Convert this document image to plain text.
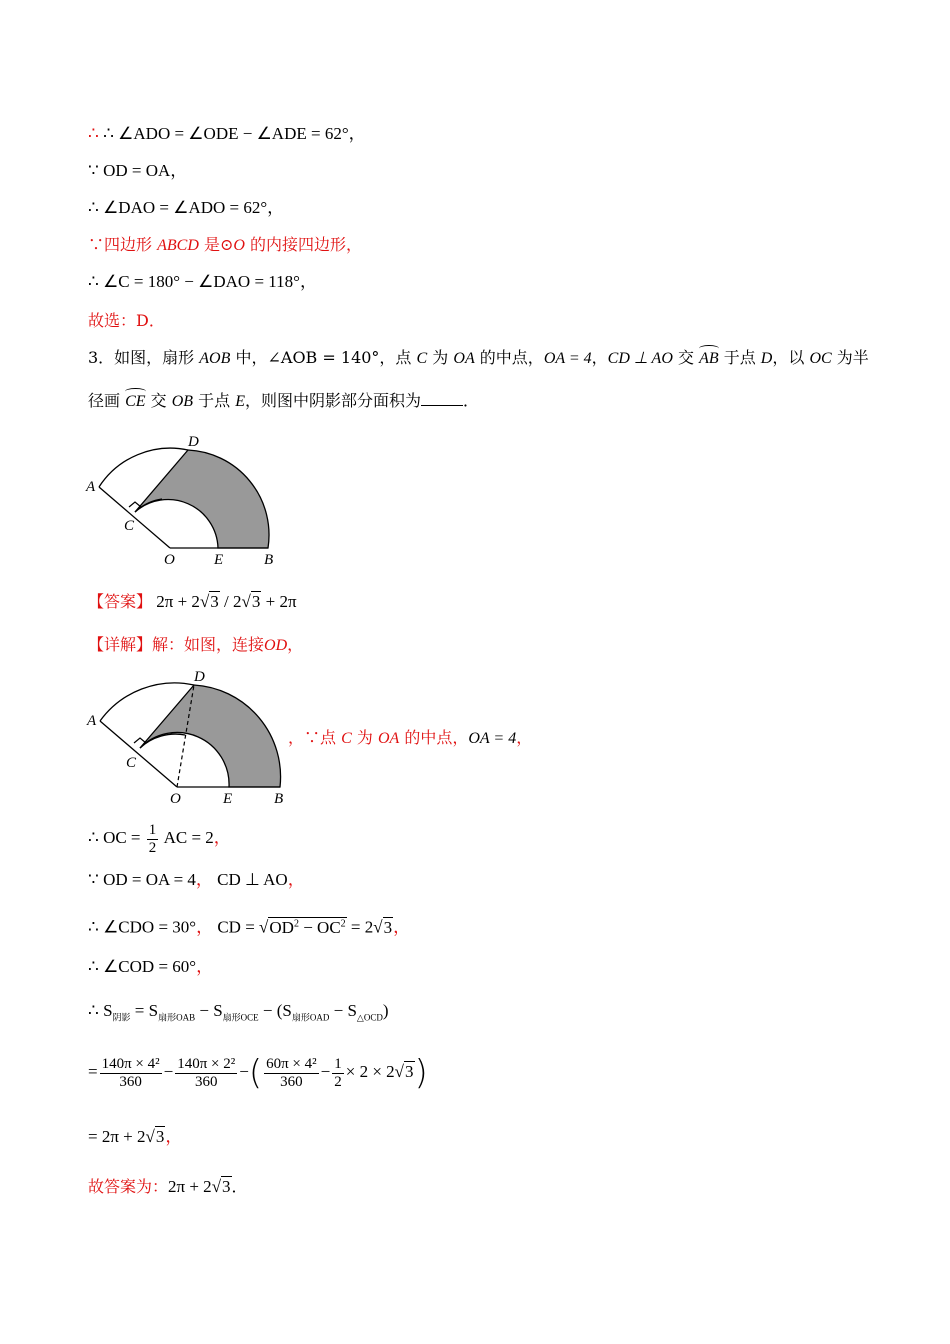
∴ ∴ ∠ADO = ∠ODE − ∠ADE = 62°，
∵ OD = OA，
∴ ∠DAO = ∠ADO = 62°，
∵四边形 ABCD 是⊙O 的内接四边形，
∴ ∠C = 180° − ∠DAO = 118°，
故选：D．
3．如图，扇形 AOB 中，∠AOB = 140°，点 C 为 OA 的中点，OA = 4，CD ⊥ AO 交 AB 于点 D，以 OC 为半
径画 CE 交 OB 于点 E，则图中阴影部分面积为	．
A
C
D
O	E	B
【答案】 2π + 2√3 / 2√3 + 2π
【详解】解：如图，连接OD，
A
C
D
O	E	B
，∵点 C 为 OA 的中点，OA = 4，
∴ OC = $\frac{1}{2}$ AC = 2，
∵ OD = OA = 4， CD ⊥ AO，
∴ ∠CDO = 30°， CD = $√OD^2 - OC^2 = 2√3$，
∴ ∠COD = 60°，
∴ $S_{阴影} = S_{扇形OAB} - S_{扇形OCE} - (S_{扇形OAD} - S_{\triangle OCD})$
= $\frac{\text{140π × 4²}}{360} - \frac{\text{140π × 2²}}{360}$ −( $\frac{\text{60π × 4²}}{360} - \frac{1}{2} \times 2 \times 2√3$)
= 2π + 2√3，
故答案为：2π + 2√3．
